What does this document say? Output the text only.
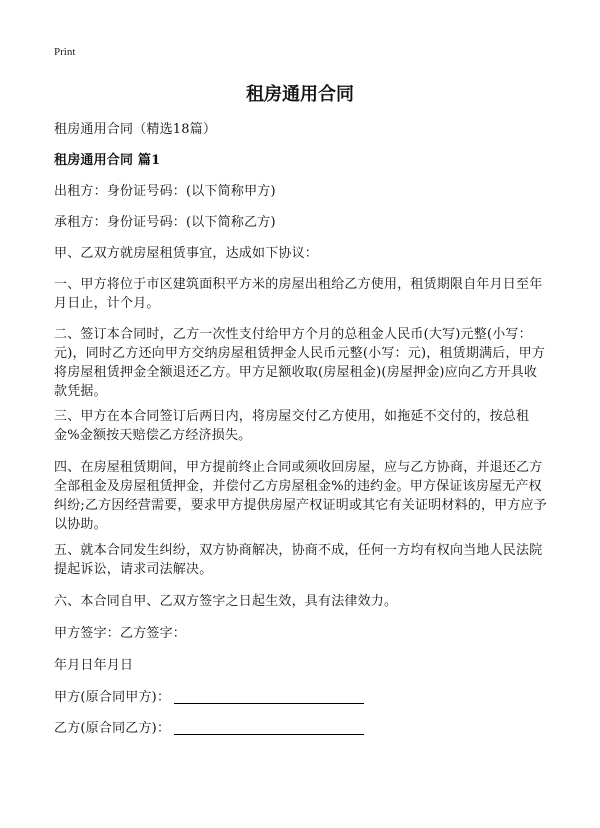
Print
租房通用合同
租房通用合同（精选18篇）
租房通用合同 篇1
出租方：身份证号码：(以下简称甲方)
承租方：身份证号码：(以下简称乙方)
甲、乙双方就房屋租赁事宜，达成如下协议：
一、甲方将位于市区建筑面积平方米的房屋出租给乙方使用，租赁期限自年月日至年月日止，计个月。
二、签订本合同时，乙方一次性支付给甲方个月的总租金人民币(大写)元整(小写：元)，同时乙方还向甲方交纳房屋租赁押金人民币元整(小写：元)，租赁期满后，甲方将房屋租赁押金全额退还乙方。甲方足额收取(房屋租金)(房屋押金)应向乙方开具收款凭据。
三、甲方在本合同签订后两日内，将房屋交付乙方使用，如拖延不交付的，按总租金%金额按天赔偿乙方经济损失。
四、在房屋租赁期间，甲方提前终止合同或须收回房屋，应与乙方协商，并退还乙方全部租金及房屋租赁押金，并偿付乙方房屋租金%的违约金。甲方保证该房屋无产权纠纷;乙方因经营需要，要求甲方提供房屋产权证明或其它有关证明材料的，甲方应予以协助。
五、就本合同发生纠纷，双方协商解决，协商不成，任何一方均有权向当地人民法院提起诉讼，请求司法解决。
六、本合同自甲、乙双方签字之日起生效，具有法律效力。
甲方签字：乙方签字：
年月日年月日
甲方(原合同甲方)：
乙方(原合同乙方)：
